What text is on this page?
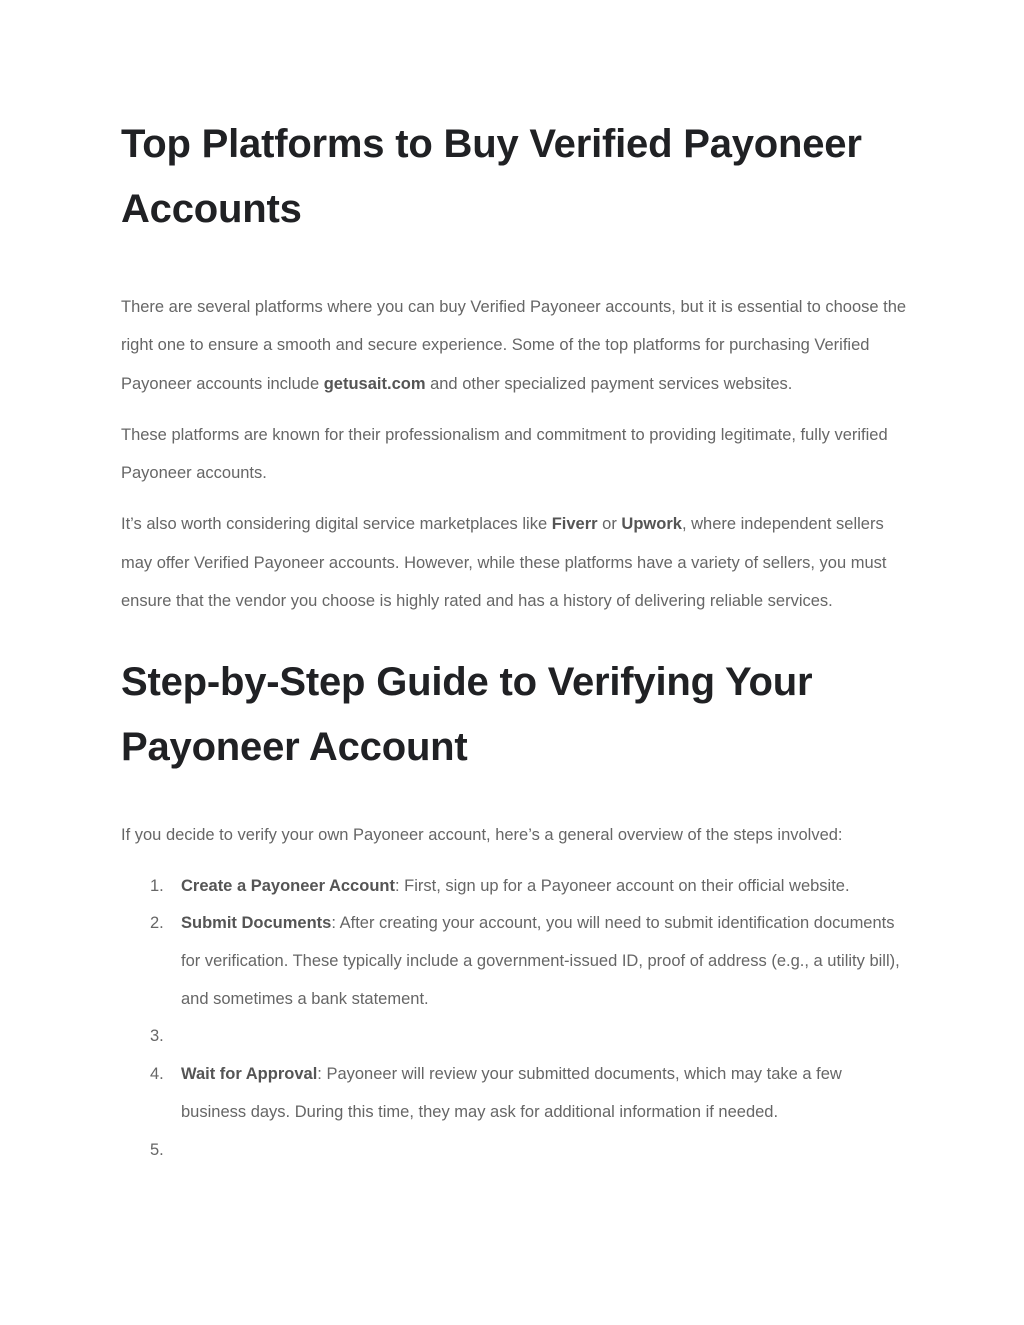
Top Platforms to Buy Verified Payoneer Accounts

There are several platforms where you can buy Verified Payoneer accounts, but it is essential to choose the right one to ensure a smooth and secure experience. Some of the top platforms for purchasing Verified Payoneer accounts include getusait.com and other specialized payment services websites.

These platforms are known for their professionalism and commitment to providing legitimate, fully verified Payoneer accounts.

It’s also worth considering digital service marketplaces like Fiverr or Upwork, where independent sellers may offer Verified Payoneer accounts. However, while these platforms have a variety of sellers, you must ensure that the vendor you choose is highly rated and has a history of delivering reliable services.

Step-by-Step Guide to Verifying Your Payoneer Account

If you decide to verify your own Payoneer account, here’s a general overview of the steps involved:

1. Create a Payoneer Account: First, sign up for a Payoneer account on their official website.
2. Submit Documents: After creating your account, you will need to submit identification documents for verification. These typically include a government-issued ID, proof of address (e.g., a utility bill), and sometimes a bank statement.
3.
4. Wait for Approval: Payoneer will review your submitted documents, which may take a few business days. During this time, they may ask for additional information if needed.
5.
